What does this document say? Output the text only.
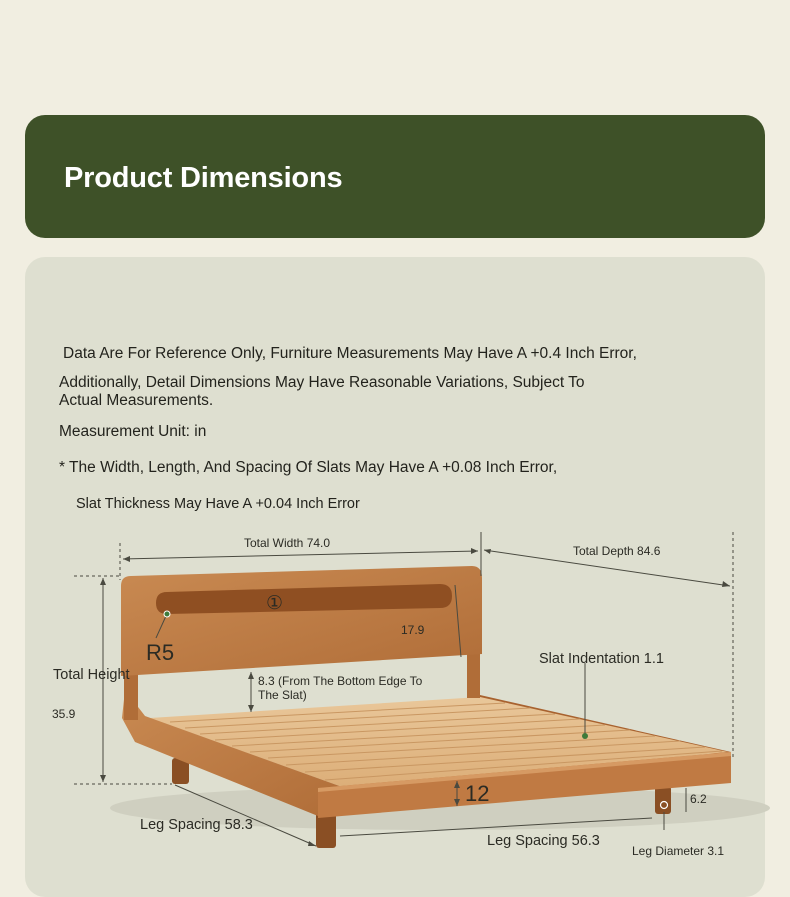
Product Dimensions
Data Are For Reference Only, Furniture Measurements May Have A +0.4 Inch Error,
Additionally, Detail Dimensions May Have Reasonable Variations, Subject To
Actual Measurements.
Measurement Unit: in
* The Width, Length, And Spacing Of Slats May Have A +0.08 Inch Error,
Slat Thickness May Have A +0.04 Inch Error
Total Width 74.0
Total Depth 84.6
17.9
①
R5
Total Height
35.9
8.3 (From The Bottom Edge To
The Slat)
Slat Indentation 1.1
12	6.2
Leg Spacing 58.3
Leg Spacing 56.3
Leg Diameter 3.1
